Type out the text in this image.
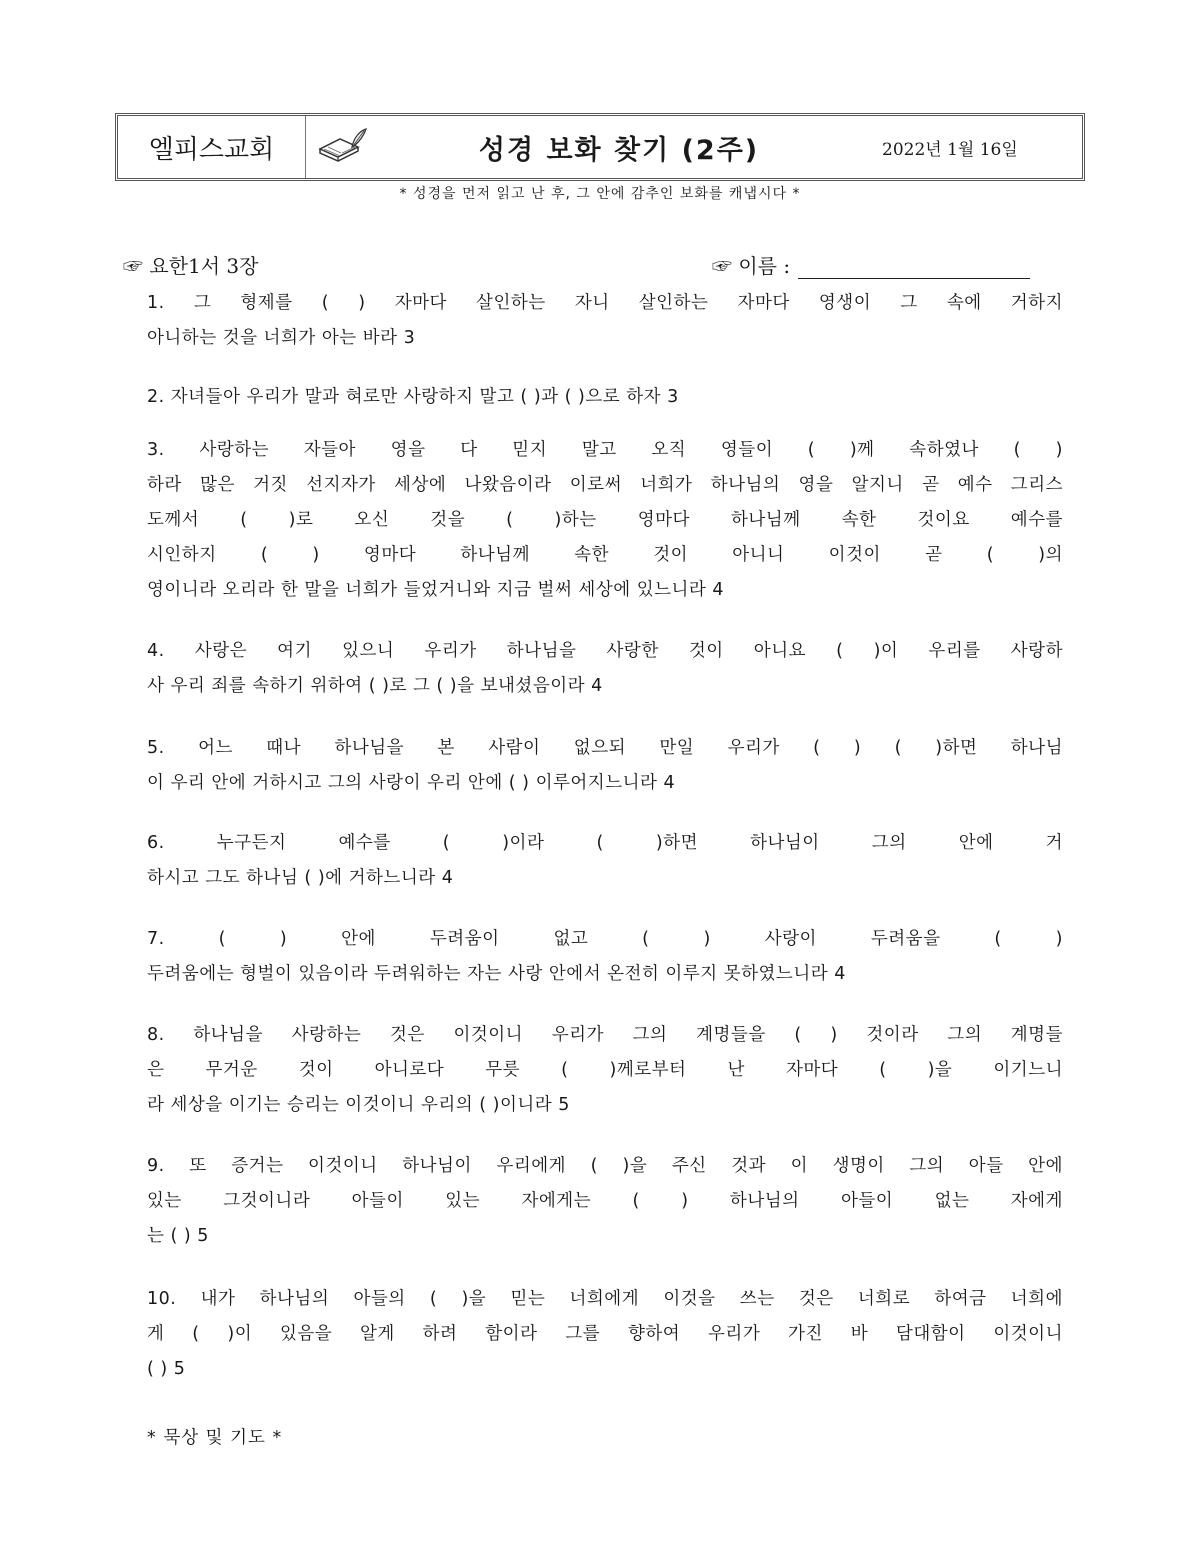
엘피스교회	성경 보화 찾기 (2주)	2022년 1월 16일
* 성경을 먼저 읽고 난 후, 그 안에 감추인 보화를 캐냅시다 *
☞ 요한1서 3장	☞ 이름 :
1. 그 형제를 ( ) 자마다 살인하는 자니 살인하는 자마다 영생이 그 속에 거하지
아니하는 것을 너희가 아는 바라 3
2. 자녀들아 우리가 말과 혀로만 사랑하지 말고 ( )과 ( )으로 하자 3
3. 사랑하는 자들아 영을 다 믿지 말고 오직 영들이 ( )께 속하였나 ( )
하라 많은 거짓 선지자가 세상에 나왔음이라 이로써 너희가 하나님의 영을 알지니 곧 예수 그리스
도께서 ( )로 오신 것을 ( )하는 영마다 하나님께 속한 것이요 예수를
시인하지 ( ) 영마다 하나님께 속한 것이 아니니 이것이 곧 ( )의
영이니라 오리라 한 말을 너희가 들었거니와 지금 벌써 세상에 있느니라 4
4. 사랑은 여기 있으니 우리가 하나님을 사랑한 것이 아니요 ( )이 우리를 사랑하
사 우리 죄를 속하기 위하여 ( )로 그 ( )을 보내셨음이라 4
5. 어느 때나 하나님을 본 사람이 없으되 만일 우리가 ( ) ( )하면 하나님
이 우리 안에 거하시고 그의 사랑이 우리 안에 ( ) 이루어지느니라 4
6. 누구든지 예수를 ( )이라 ( )하면 하나님이 그의 안에 거
하시고 그도 하나님 ( )에 거하느니라 4
7. ( ) 안에 두려움이 없고 ( ) 사랑이 두려움을 ( )
두려움에는 형벌이 있음이라 두려워하는 자는 사랑 안에서 온전히 이루지 못하였느니라 4
8. 하나님을 사랑하는 것은 이것이니 우리가 그의 계명들을 ( ) 것이라 그의 계명들
은 무거운 것이 아니로다 무릇 ( )께로부터 난 자마다 ( )을 이기느니
라 세상을 이기는 승리는 이것이니 우리의 ( )이니라 5
9. 또 증거는 이것이니 하나님이 우리에게 ( )을 주신 것과 이 생명이 그의 아들 안에
있는 그것이니라 아들이 있는 자에게는 ( ) 하나님의 아들이 없는 자에게
는 ( ) 5
10. 내가 하나님의 아들의 ( )을 믿는 너희에게 이것을 쓰는 것은 너희로 하여금 너희에
게 ( )이 있음을 알게 하려 함이라 그를 향하여 우리가 가진 바 담대함이 이것이니
( ) 5
* 묵상 및 기도 *
